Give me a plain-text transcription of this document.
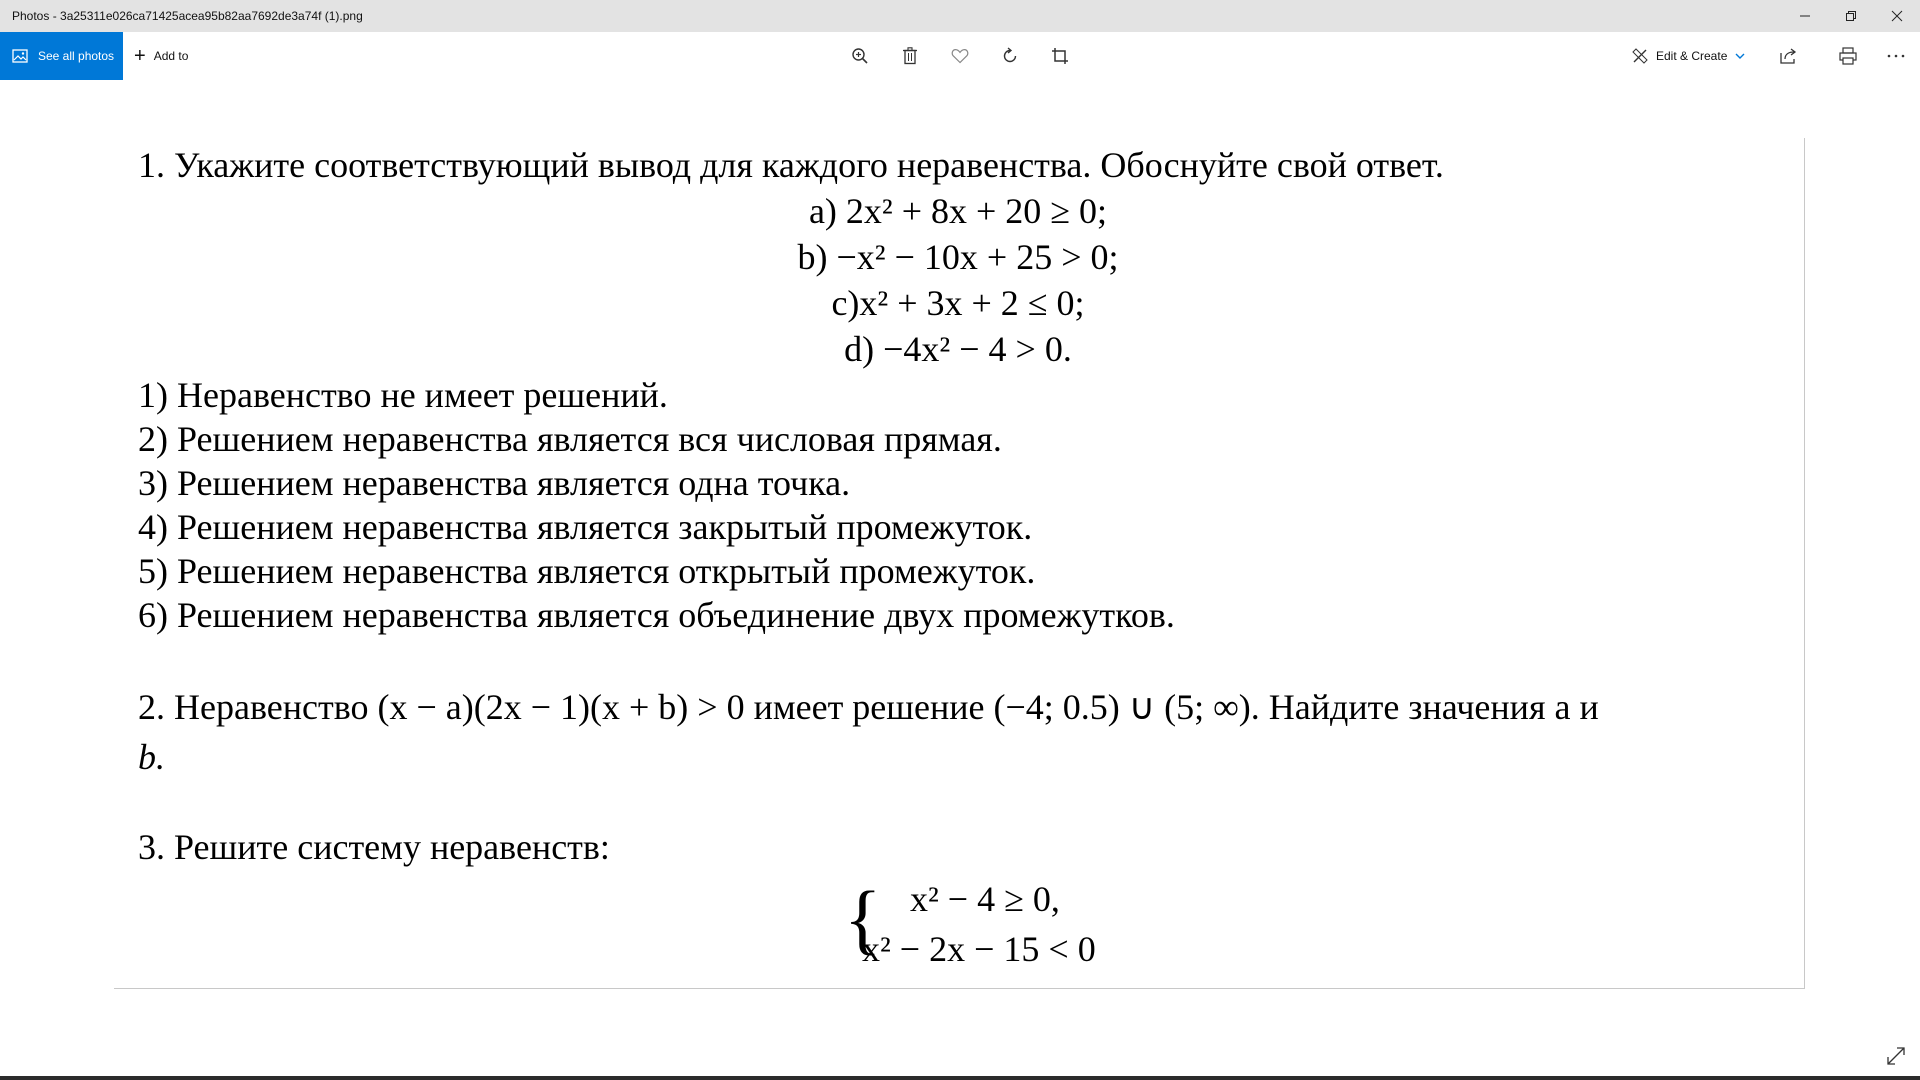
Photos - 3a25311e026ca71425acea95b82aa7692de3a74f (1).png
See all photos + Add to	Edit & Create
1. Укажите соответствующий вывод для каждого неравенства. Обоснуйте свой ответ.
a) 2x² + 8x + 20 ≥ 0;
b) −x² − 10x + 25 > 0;
c)x² + 3x + 2 ≤ 0;
d) −4x² − 4 > 0.
1) Неравенство не имеет решений.
2) Решением неравенства является вся числовая прямая.
3) Решением неравенства является одна точка.
4) Решением неравенства является закрытый промежуток.
5) Решением неравенства является открытый промежуток.
6) Решением неравенства является объединение двух промежутков.
2. Неравенство (x − a)(2x − 1)(x + b) > 0 имеет решение (−4; 0.5) ∪ (5; ∞). Найдите значения a и
b.
3. Решите систему неравенств:
{ x² − 4 ≥ 0,
x² − 2x − 15 < 0
